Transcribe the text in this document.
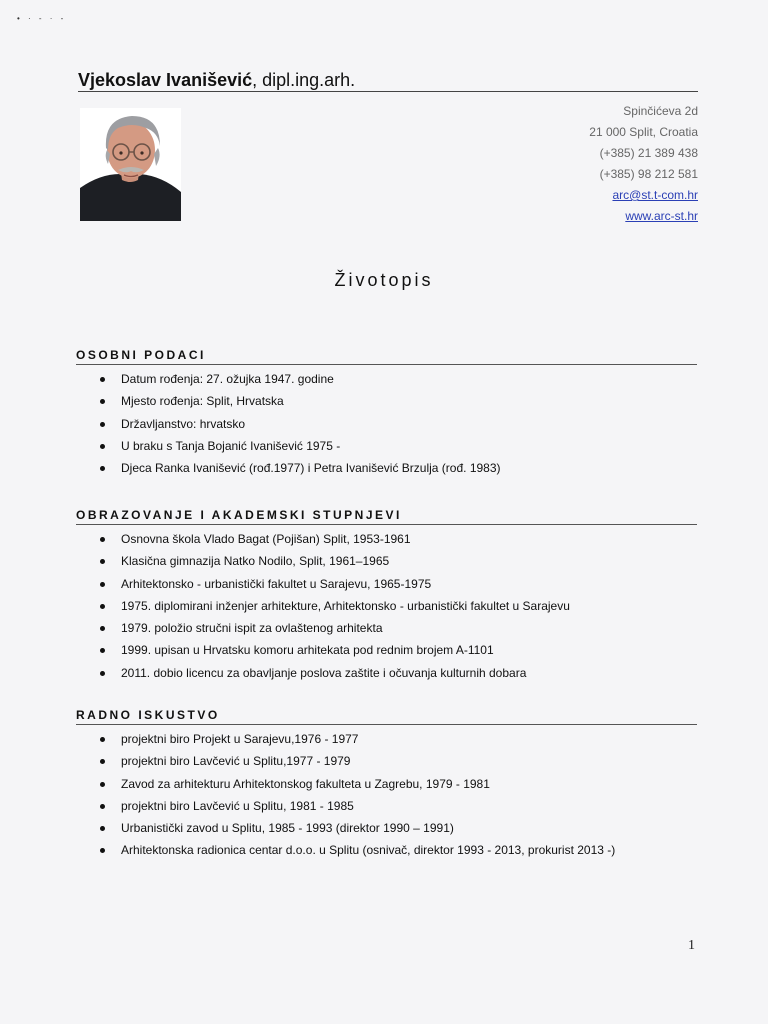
• · - · -
Vjekoslav Ivanišević, dipl.ing.arh.
Spinčićeva 2d
21 000 Split, Croatia
(+385) 21 389 438
(+385) 98 212 581
arc@st.t-com.hr
www.arc-st.hr
Životopis
OSOBNI PODACI
Datum rođenja: 27. ožujka 1947. godine
Mjesto rođenja: Split, Hrvatska
Državljanstvo: hrvatsko
U braku s Tanja Bojanić Ivanišević 1975 -
Djeca Ranka Ivanišević (rođ.1977) i Petra Ivanišević Brzulja (rođ. 1983)
OBRAZOVANJE I AKADEMSKI STUPNJEVI
Osnovna škola Vlado Bagat (Pojišan) Split, 1953-1961
Klasična gimnazija Natko Nodilo, Split, 1961–1965
Arhitektonsko - urbanistički fakultet u Sarajevu, 1965-1975
1975. diplomirani inženjer arhitekture, Arhitektonsko - urbanistički fakultet u Sarajevu
1979. položio stručni ispit za ovlaštenog arhitekta
1999. upisan u Hrvatsku komoru arhitekata pod rednim brojem A-1101
2011. dobio licencu za obavljanje poslova zaštite i očuvanja kulturnih dobara
RADNO ISKUSTVO
projektni biro Projekt u Sarajevu,1976 - 1977
projektni biro Lavčević u Splitu,1977 - 1979
Zavod za arhitekturu Arhitektonskog fakulteta u Zagrebu, 1979 - 1981
projektni biro Lavčević u Splitu, 1981 - 1985
Urbanistički zavod u Splitu, 1985 - 1993 (direktor 1990 – 1991)
Arhitektonska radionica centar d.o.o. u Splitu (osnivač, direktor 1993 - 2013, prokurist 2013 -)
1
